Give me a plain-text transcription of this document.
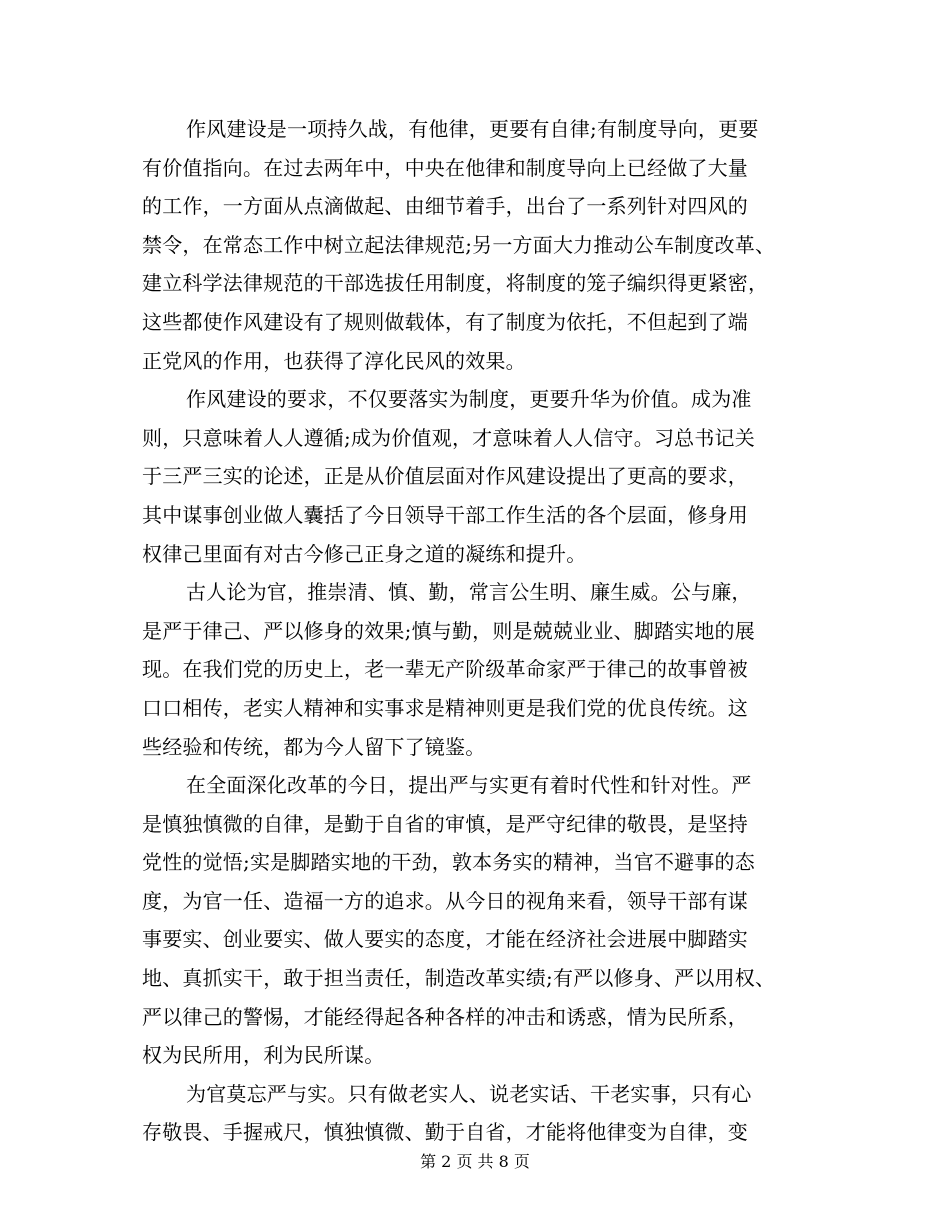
作风建设是一项持久战，有他律，更要有自律;有制度导向，更要
有价值指向。在过去两年中，中央在他律和制度导向上已经做了大量
的工作，一方面从点滴做起、由细节着手，出台了一系列针对四风的
禁令，在常态工作中树立起法律规范;另一方面大力推动公车制度改革、
建立科学法律规范的干部选拔任用制度，将制度的笼子编织得更紧密，
这些都使作风建设有了规则做载体，有了制度为依托，不但起到了端
正党风的作用，也获得了淳化民风的效果。
作风建设的要求，不仅要落实为制度，更要升华为价值。成为准
则，只意味着人人遵循;成为价值观，才意味着人人信守。习总书记关
于三严三实的论述，正是从价值层面对作风建设提出了更高的要求，
其中谋事创业做人囊括了今日领导干部工作生活的各个层面，修身用
权律己里面有对古今修己正身之道的凝练和提升。
古人论为官，推崇清、慎、勤，常言公生明、廉生威。公与廉，
是严于律己、严以修身的效果;慎与勤，则是兢兢业业、脚踏实地的展
现。在我们党的历史上，老一辈无产阶级革命家严于律己的故事曾被
口口相传，老实人精神和实事求是精神则更是我们党的优良传统。这
些经验和传统，都为今人留下了镜鉴。
在全面深化改革的今日，提出严与实更有着时代性和针对性。严
是慎独慎微的自律，是勤于自省的审慎，是严守纪律的敬畏，是坚持
党性的觉悟;实是脚踏实地的干劲，敦本务实的精神，当官不避事的态
度，为官一任、造福一方的追求。从今日的视角来看，领导干部有谋
事要实、创业要实、做人要实的态度，才能在经济社会进展中脚踏实
地、真抓实干，敢于担当责任，制造改革实绩;有严以修身、严以用权、
严以律己的警惕，才能经得起各种各样的冲击和诱惑，情为民所系，
权为民所用，利为民所谋。
为官莫忘严与实。只有做老实人、说老实话、干老实事，只有心
存敬畏、手握戒尺，慎独慎微、勤于自省，才能将他律变为自律，变
第 2 页 共 8 页
